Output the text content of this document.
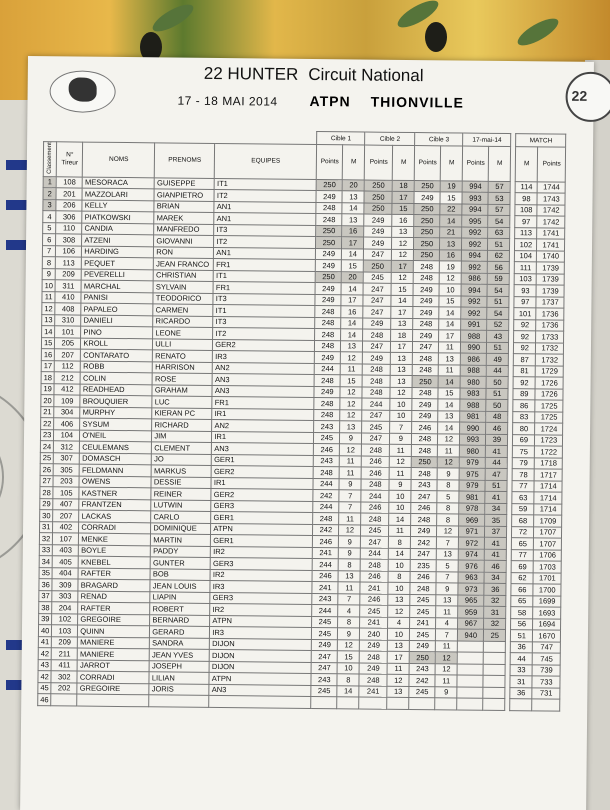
22
22 HUNTER Circuit National
17 - 18 MAI 2014 ATPN THIONVILLE
					Cible 1		Cible 2		Cible 3		17-mai-14			MATCH	
Classement	N° Tireur	NOMS	PRENOMS	EQUIPES	Points	M	Points	M	Points	M	Points	M		M	Points
1	108	MESORACA	GUISEPPE	IT1	250	20	250	18	250	19	994	57		114	1744
2	201	MAZZOLARI	GIANPIETRO	IT2	249	13	250	17	249	15	993	53		98	1743
3	206	KELLY	BRIAN	AN1	248	14	250	15	250	22	994	57		108	1742
4	306	PIATKOWSKI	MAREK	AN1	248	13	249	16	250	14	995	54		97	1742
5	110	CANDIA	MANFREDO	IT3	250	16	249	13	250	21	992	63		113	1741
6	308	ATZENI	GIOVANNI	IT2	250	17	249	12	250	13	992	51		102	1741
7	106	HARDING	RON	AN1	249	14	247	12	250	16	994	62		104	1740
8	113	PEQUET	JEAN FRANCO	FR1	249	15	250	17	248	19	992	56		111	1739
9	209	PEVERELLI	CHRISTIAN	IT1	250	20	245	12	248	12	986	59		103	1739
10	311	MARCHAL	SYLVAIN	FR1	249	14	247	15	249	10	994	54		93	1739
11	410	PANISI	TEODORICO	IT3	249	17	247	14	249	15	992	51		97	1737
12	408	PAPALEO	CARMEN	IT1	248	16	247	17	249	14	992	54		101	1736
13	310	DANIELI	RICARDO	IT3	248	14	249	13	248	14	991	52		92	1736
14	101	PINO	LEONE	IT2	248	14	248	18	249	17	988	43		92	1733
15	205	KROLL	ULLI	GER2	248	13	247	17	247	11	990	51		92	1732
16	207	CONTARATO	RENATO	IR3	249	12	249	13	248	13	986	49		87	1732
17	112	ROBB	HARRISON	AN2	244	11	248	13	248	11	988	44		81	1729
18	212	COLIN	ROSE	AN3	248	15	248	13	250	14	980	50		92	1726
19	412	READHEAD	GRAHAM	AN3	249	12	248	12	248	15	983	51		89	1726
20	109	BROUQUIER	LUC	FR1	248	12	244	10	249	14	988	50		86	1725
21	304	MURPHY	KIERAN PC	IR1	248	12	247	10	249	13	981	48		83	1725
22	406	SYSUM	RICHARD	AN2	243	13	245	7	246	14	990	46		80	1724
23	104	O'NEIL	JIM	IR1	245	9	247	9	248	12	993	39		69	1723
24	312	CEULEMANS	CLEMENT	AN3	246	12	248	11	248	11	980	41		75	1722
25	307	DOMASCH	JO	GER1	243	11	246	12	250	12	979	44		79	1718
26	305	FELDMANN	MARKUS	GER2	248	11	246	11	248	9	975	47		78	1717
27	203	OWENS	DESSIE	IR1	244	9	248	9	243	8	979	51		77	1714
28	105	KASTNER	REINER	GER2	242	7	244	10	247	5	981	41		63	1714
29	407	FRANTZEN	LUTWIN	GER3	244	7	246	10	246	8	978	34		59	1714
30	207	LACKAS	CARLO	GER1	248	11	248	14	248	8	969	35		68	1709
31	402	CORRADI	DOMINIQUE	ATPN	242	12	245	11	249	12	971	37		72	1707
32	107	MENKE	MARTIN	GER1	246	9	247	8	242	7	972	41		65	1707
33	403	BOYLE	PADDY	IR2	241	9	244	14	247	13	974	41		77	1706
34	405	KNEBEL	GUNTER	GER3	244	8	248	10	235	5	976	46		69	1703
35	404	RAFTER	BOB	IR2	246	13	246	8	246	7	963	34		62	1701
36	309	BRAGARD	JEAN LOUIS	IR3	241	11	241	10	248	9	973	36		66	1700
37	303	RENAD	LIAPIN	GER3	243	7	246	13	245	13	965	32		65	1699
38	204	RAFTER	ROBERT	IR2	244	4	245	12	245	11	959	31		58	1693
39	102	GREGOIRE	BERNARD	ATPN	245	8	241	4	241	4	967	32		56	1694
40	103	QUINN	GERARD	IR3	245	9	240	10	245	7	940	25		51	1670
41	209	MANIERE	SANDRA	DIJON	249	12	249	13	249	11				36	747
42	211	MANIERE	JEAN YVES	DIJON	247	15	248	17	250	12				44	745
43	411	JARROT	JOSEPH	DIJON	247	10	249	11	243	12				33	739
42	302	CORRADI	LILIAN	ATPN	243	8	248	12	242	11				31	733
45	202	GREGOIRE	JORIS	AN3	245	14	241	13	245	9				36	731
46															
